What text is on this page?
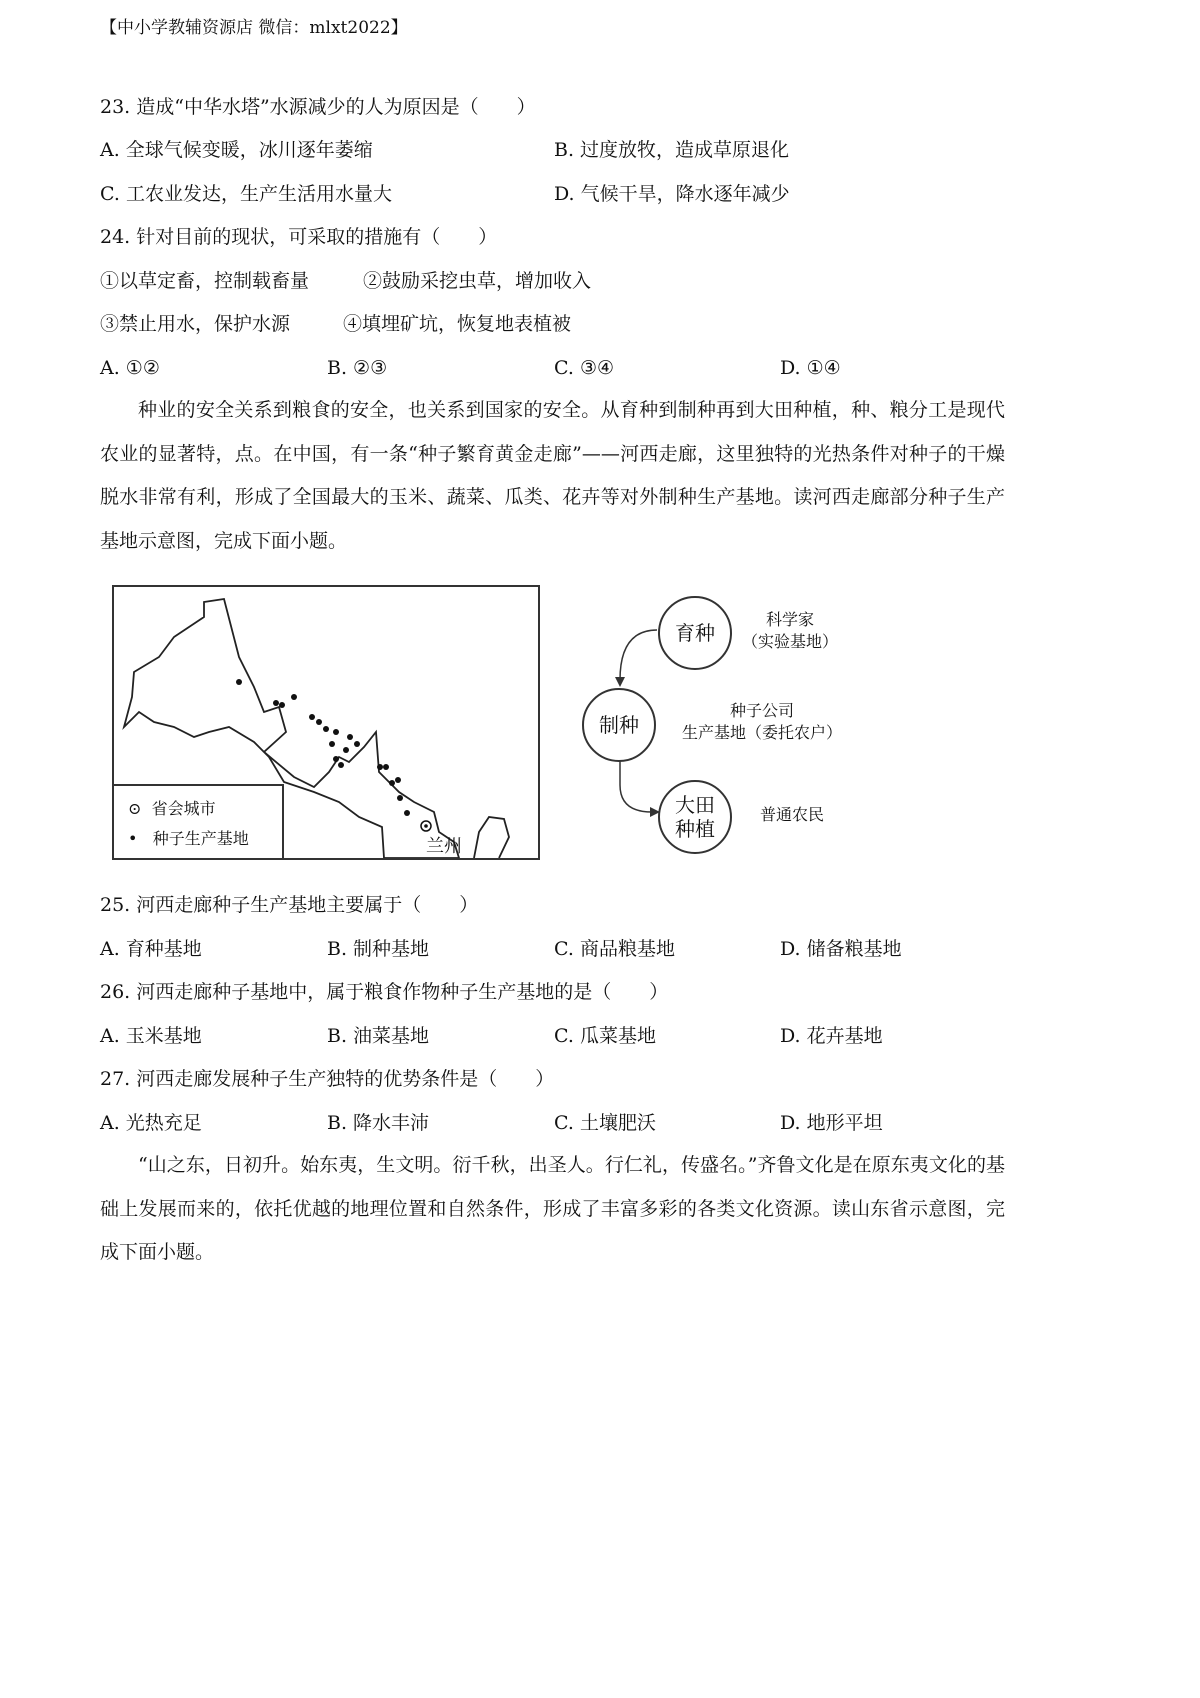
【中小学教辅资源店 微信：mlxt2022】
23. 造成“中华水塔”水源减少的人为原因是（　　）
A. 全球气候变暖，冰川逐年萎缩	B. 过度放牧，造成草原退化
C. 工农业发达，生产生活用水量大	D. 气候干旱，降水逐年减少
24. 针对目前的现状，可采取的措施有（　　）
①以草定畜，控制载畜量	②鼓励采挖虫草，增加收入
③禁止用水，保护水源	④填埋矿坑，恢复地表植被
A. ①②	B. ②③	C. ③④	D. ①④
种业的安全关系到粮食的安全，也关系到国家的安全。从育种到制种再到大田种植，种、粮分工是现代农业的显著特，点。在中国，有一条“种子繁育黄金走廊”——河西走廊，这里独特的光热条件对种子的干燥脱水非常有利，形成了全国最大的玉米、蔬菜、瓜类、花卉等对外制种生产基地。读河西走廊部分种子生产基地示意图，完成下面小题。
兰州
⊙ 省会城市
• 种子生产基地
育种
制种
大田
种植
科学家
（实验基地）
种子公司
生产基地（委托农户）
普通农民
25. 河西走廊种子生产基地主要属于（　　）
A. 育种基地	B. 制种基地	C. 商品粮基地	D. 储备粮基地
26. 河西走廊种子基地中，属于粮食作物种子生产基地的是（　　）
A. 玉米基地	B. 油菜基地	C. 瓜菜基地	D. 花卉基地
27. 河西走廊发展种子生产独特的优势条件是（　　）
A. 光热充足	B. 降水丰沛	C. 土壤肥沃	D. 地形平坦
“山之东，日初升。始东夷，生文明。衍千秋，出圣人。行仁礼，传盛名。”齐鲁文化是在原东夷文化的基础上发展而来的，依托优越的地理位置和自然条件，形成了丰富多彩的各类文化资源。读山东省示意图，完成下面小题。
